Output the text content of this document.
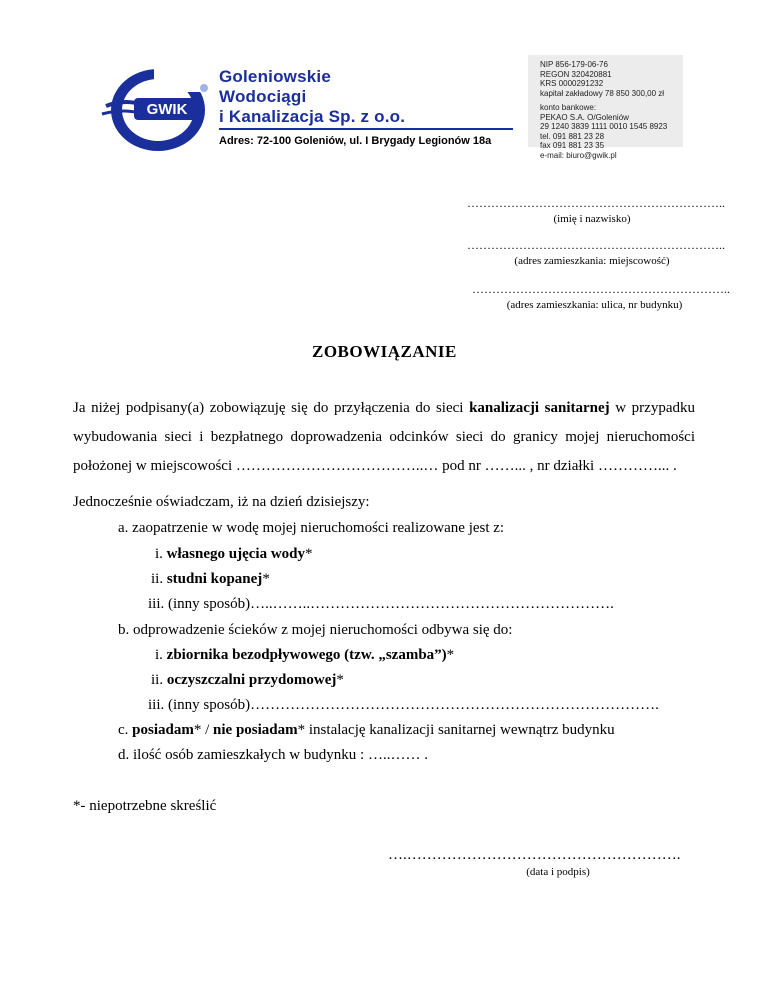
GWIK
Goleniowskie
Wodociągi
i Kanalizacja Sp. z o.o.
Adres: 72-100 Goleniów, ul. I Brygady Legionów 18a
NIP 856-179-06-76
REGON 320420881
KRS 0000291232
kapitał zakładowy 78 850 300,00 zł
konto bankowe:
PEKAO S.A. O/Goleniów
29 1240 3839 1111 0010 1545 8923
tel. 091 881 23 28
fax 091 881 23 35
e-mail: biuro@gwik.pl
………………………………………………………..
(imię i nazwisko)
………………………………………………………..
(adres zamieszkania: miejscowość)
………………………………………………………..
(adres zamieszkania: ulica, nr budynku)
ZOBOWIĄZANIE
Ja niżej podpisany(a) zobowiązuję się do przyłączenia do sieci kanalizacji sanitarnej w przypadku wybudowania sieci i bezpłatnego doprowadzenia odcinków sieci do granicy mojej nieruchomości położonej w miejscowości ………………………………..… pod nr ……... , nr działki …………... .
Jednocześnie oświadczam, iż na dzień dzisiejszy:
a. zaopatrzenie w wodę mojej nieruchomości realizowane jest z:
i. własnego ujęcia wody*
ii. studni kopanej*
iii. (inny sposób)…..……..…………………………………………………….
b. odprowadzenie ścieków z mojej nieruchomości odbywa się do:
i. zbiornika bezodpływowego (tzw. „szamba”)*
ii. oczyszczalni przydomowej*
iii. (inny sposób)……………………………………………………………………….
c. posiadam* / nie posiadam* instalację kanalizacji sanitarnej wewnątrz budynku
d. ilość osób zamieszkałych w budynku : …..…… .
*- niepotrzebne skreślić
….……………………………………………….
(data i podpis)
